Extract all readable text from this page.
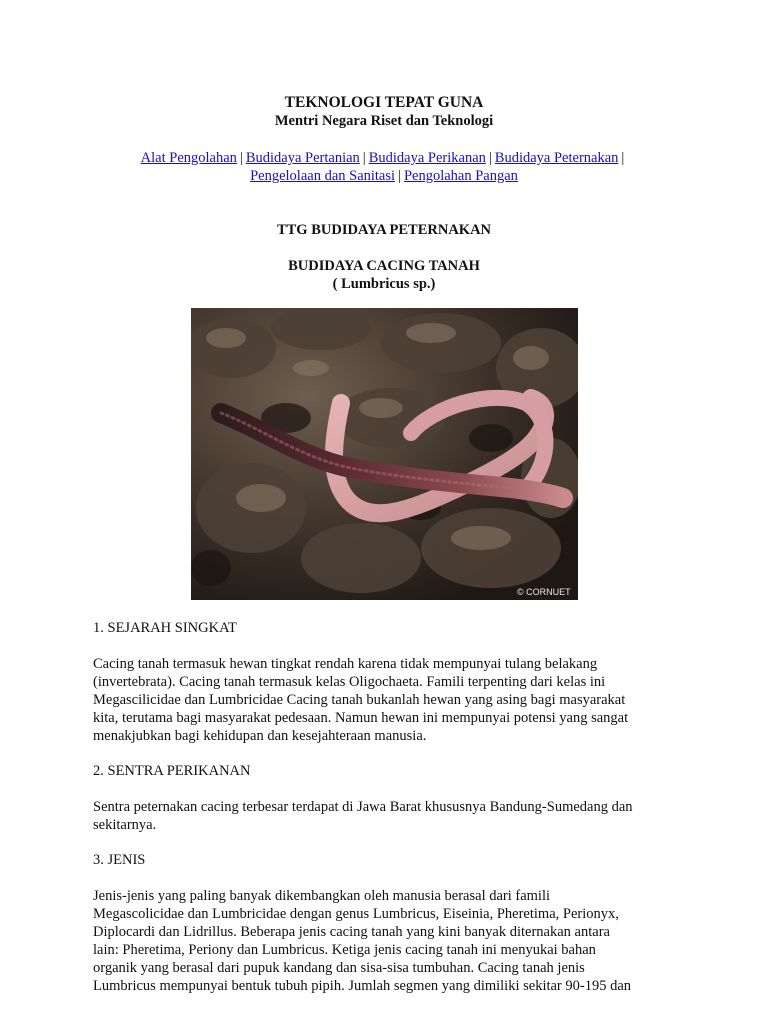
TEKNOLOGI TEPAT GUNA
Mentri Negara Riset dan Teknologi
Alat Pengolahan | Budidaya Pertanian | Budidaya Perikanan | Budidaya Peternakan |
Pengelolaan dan Sanitasi | Pengolahan Pangan
TTG BUDIDAYA PETERNAKAN
BUDIDAYA CACING TANAH
( Lumbricus sp.)
© CORNUET
1. SEJARAH SINGKAT
Cacing tanah termasuk hewan tingkat rendah karena tidak mempunyai tulang belakang
(invertebrata). Cacing tanah termasuk kelas Oligochaeta. Famili terpenting dari kelas ini
Megascilicidae dan Lumbricidae Cacing tanah bukanlah hewan yang asing bagi masyarakat
kita, terutama bagi masyarakat pedesaan. Namun hewan ini mempunyai potensi yang sangat
menakjubkan bagi kehidupan dan kesejahteraan manusia.
2. SENTRA PERIKANAN
Sentra peternakan cacing terbesar terdapat di Jawa Barat khususnya Bandung-Sumedang dan
sekitarnya.
3. JENIS
Jenis-jenis yang paling banyak dikembangkan oleh manusia berasal dari famili
Megascolicidae dan Lumbricidae dengan genus Lumbricus, Eiseinia, Pheretima, Perionyx,
Diplocardi dan Lidrillus. Beberapa jenis cacing tanah yang kini banyak diternakan antara
lain: Pheretima, Periony dan Lumbricus. Ketiga jenis cacing tanah ini menyukai bahan
organik yang berasal dari pupuk kandang dan sisa-sisa tumbuhan. Cacing tanah jenis
Lumbricus mempunyai bentuk tubuh pipih. Jumlah segmen yang dimiliki sekitar 90-195 dan
